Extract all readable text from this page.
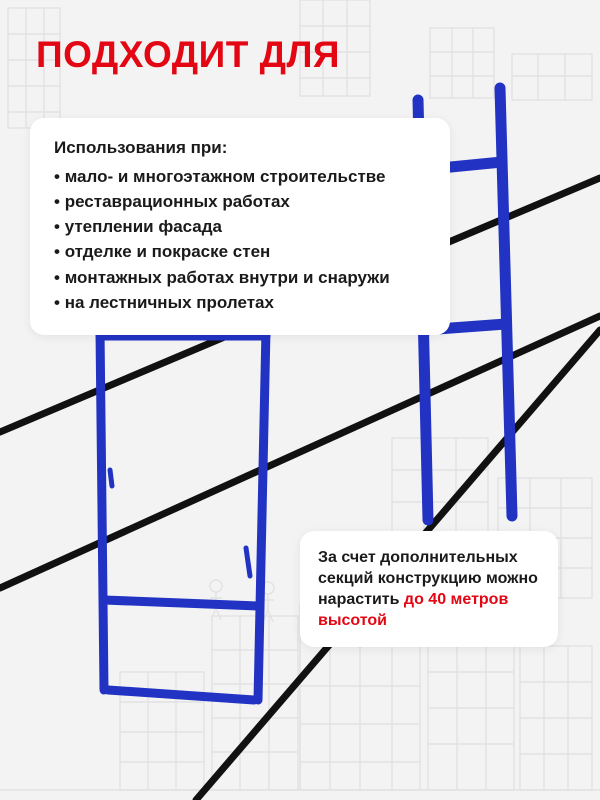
ПОДХОДИТ ДЛЯ
Использования при:
• мало- и многоэтажном строительстве
• реставрационных работах
• утеплении фасада
• отделке и покраске стен
• монтажных работах внутри и снаружи
• на лестничных пролетах

За счет дополнительных секций конструкцию можно нарастить до 40 метров высотой
